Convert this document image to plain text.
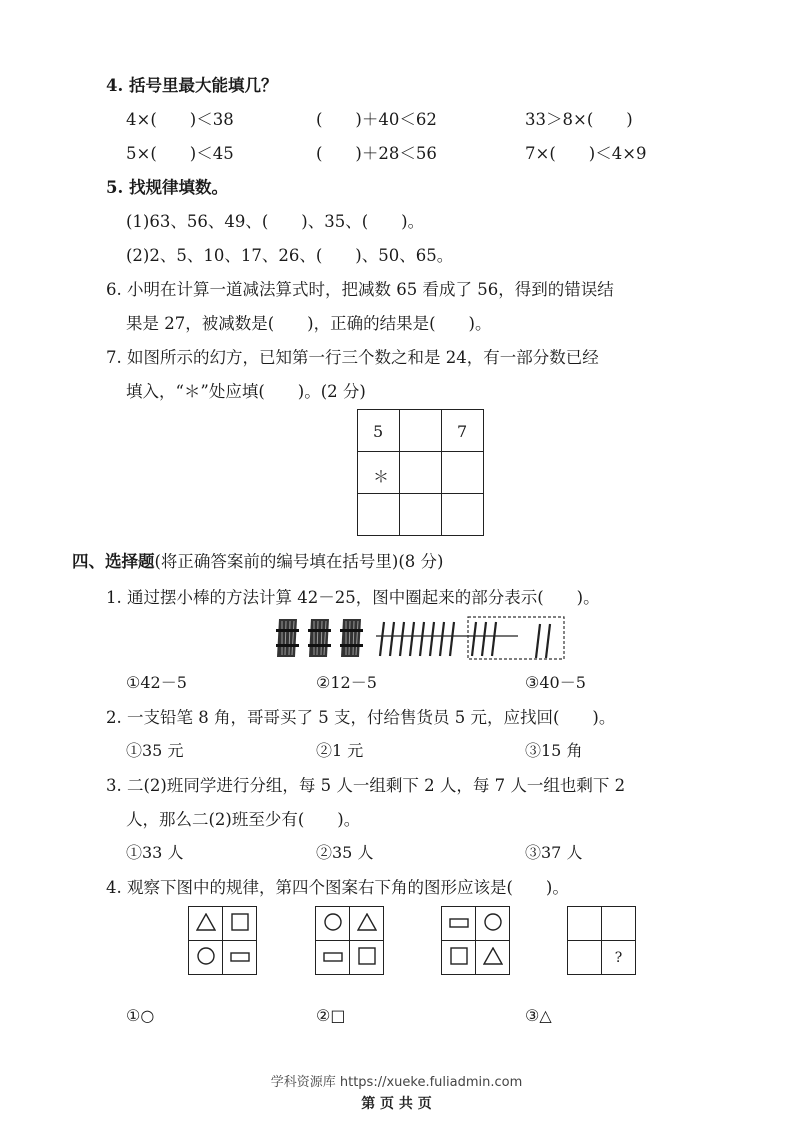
4. 括号里最大能填几？
4×(　　)＜38	(　　)＋40＜62	33＞8×(　　)
5×(　　)＜45	(　　)＋28＜56	7×(　　)＜4×9
5. 找规律填数。
(1)63、56、49、(　　)、35、(　　)。
(2)2、5、10、17、26、(　　)、50、65。
6. 小明在计算一道减法算式时，把减数 65 看成了 56，得到的错误结
果是 27，被减数是(　　)，正确的结果是(　　)。
7. 如图所示的幻方，已知第一行三个数之和是 24，有一部分数已经
填入，“＊”处应填(　　)。(2 分)
5		7
＊		

四、选择题(将正确答案前的编号填在括号里)(8 分)
1. 通过摆小棒的方法计算 42－25，图中圈起来的部分表示(　　)。
①42－5	②12－5	③40－5
2. 一支铅笔 8 角，哥哥买了 5 支，付给售货员 5 元，应找回(　　)。
①35 元	②1 元	③15 角
3. 二(2)班同学进行分组，每 5 人一组剩下 2 人，每 7 人一组也剩下 2
人，那么二(2)班至少有(　　)。
①33 人	②35 人	③37 人
4. 观察下图中的规律，第四个图案右下角的图形应该是(　　)。

	?
①○	②□	③△
学科资源库 https://xueke.fuliadmin.com
第 页 共 页
